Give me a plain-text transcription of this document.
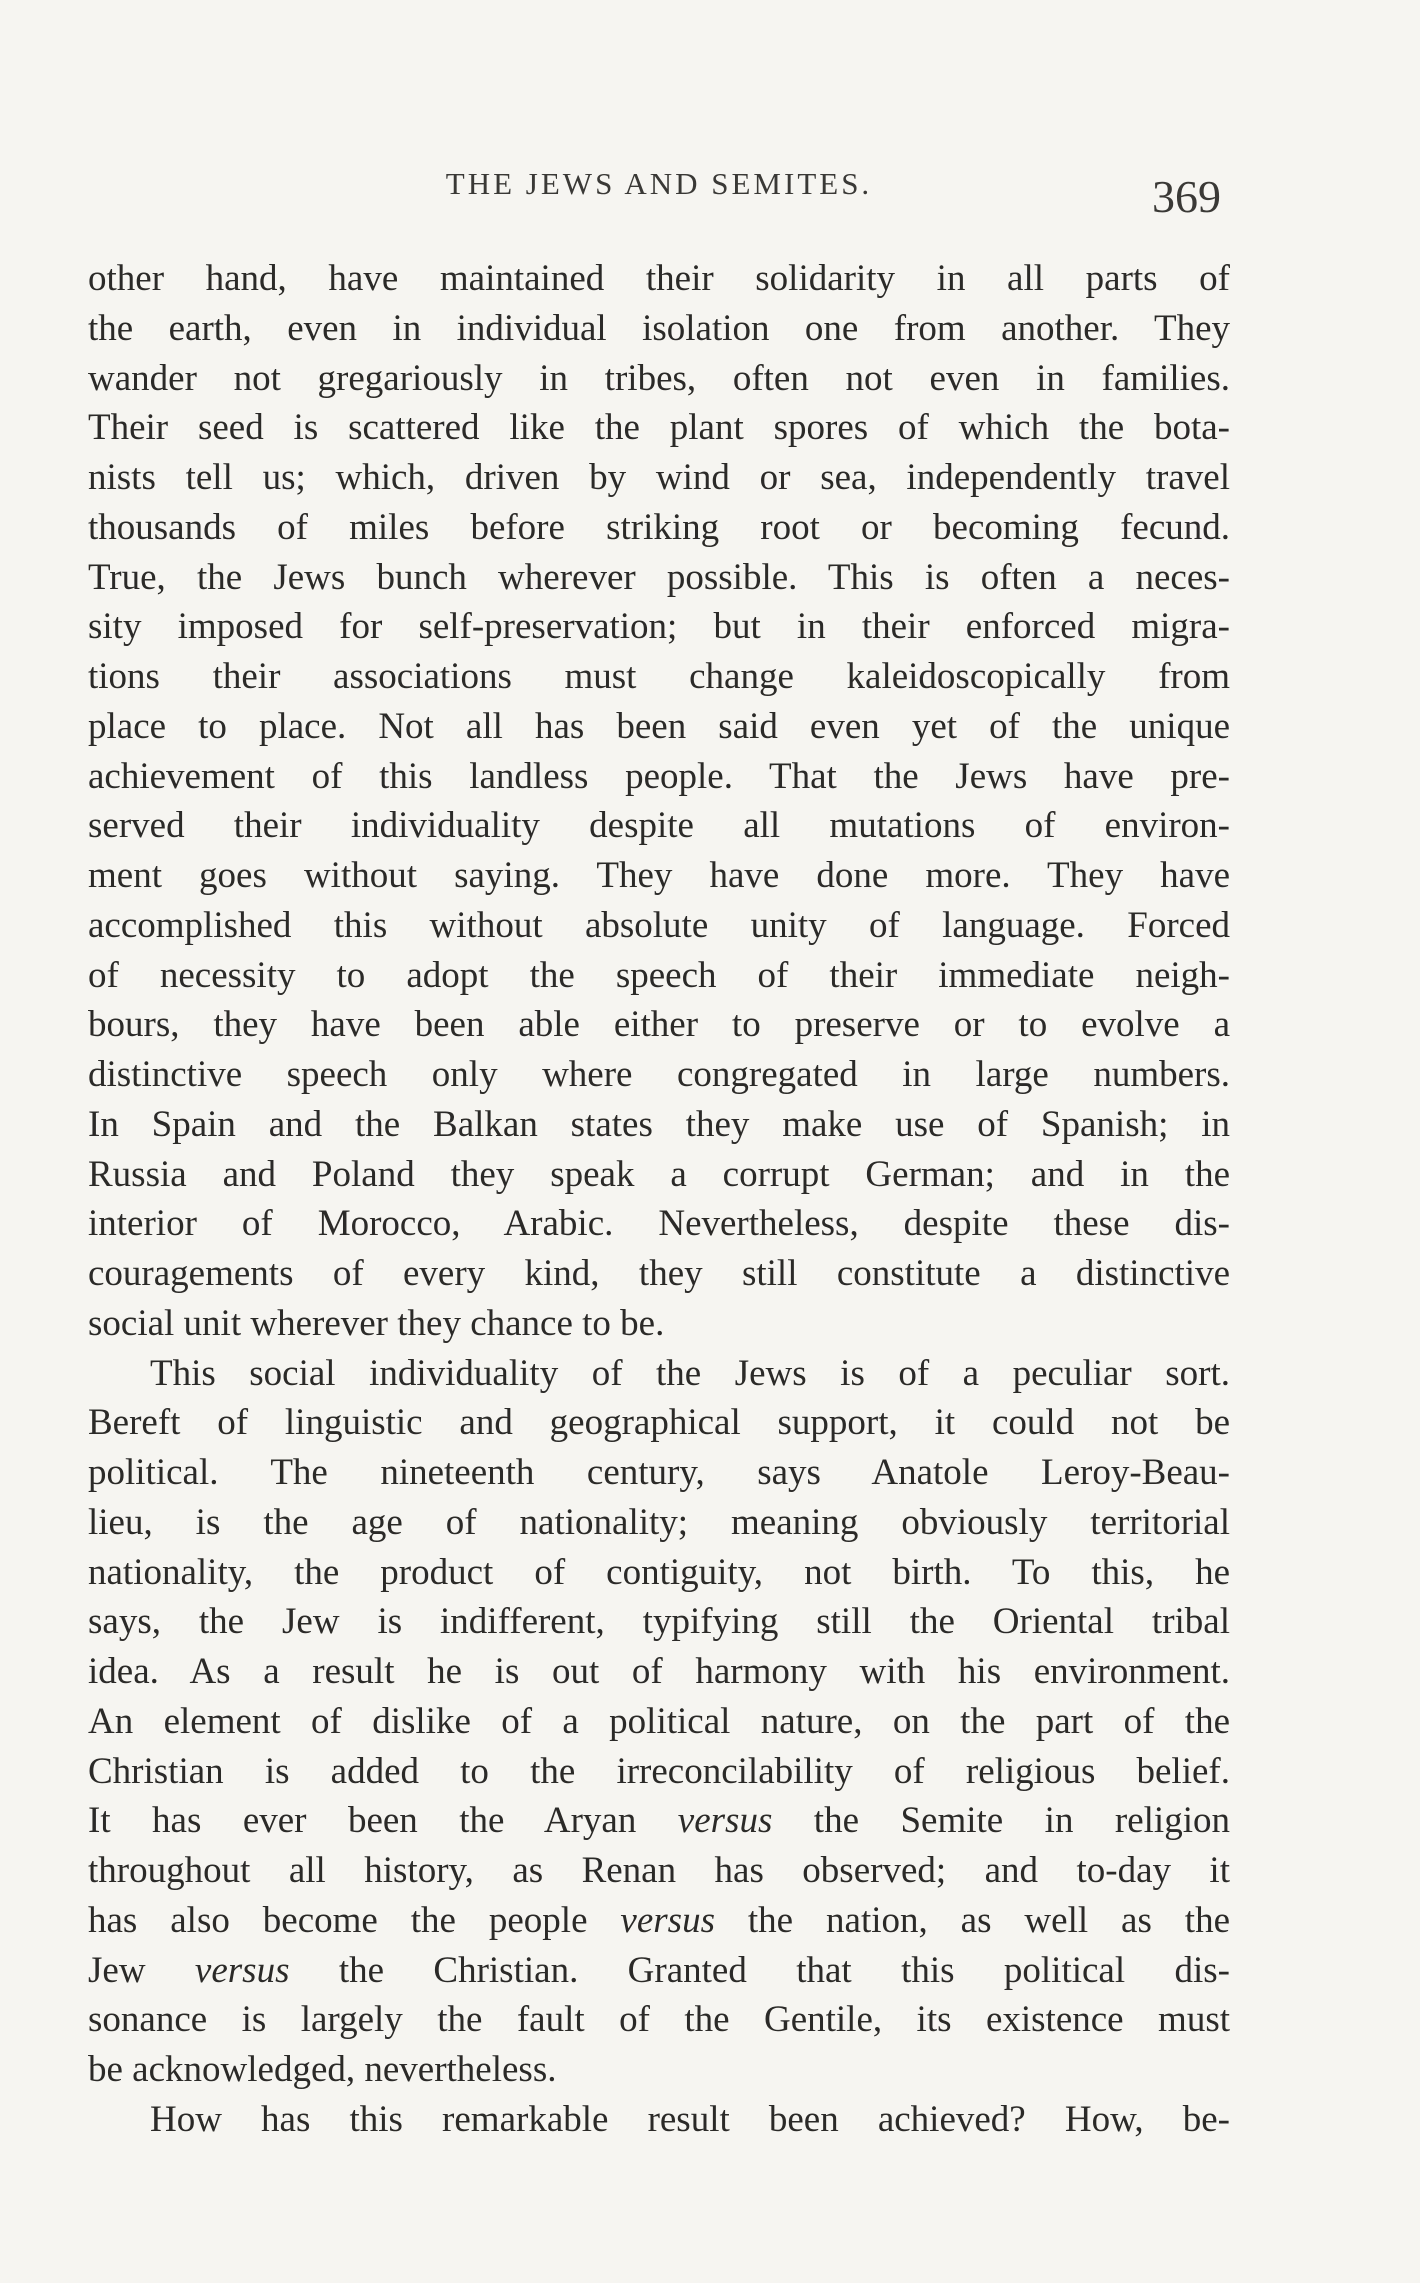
THE JEWS AND SEMITES.	369
other hand, have maintained their solidarity in all parts of
the earth, even in individual isolation one from another. They
wander not gregariously in tribes, often not even in families.
Their seed is scattered like the plant spores of which the bota-
nists tell us; which, driven by wind or sea, independently travel
thousands of miles before striking root or becoming fecund.
True, the Jews bunch wherever possible. This is often a neces-
sity imposed for self-preservation; but in their enforced migra-
tions their associations must change kaleidoscopically from
place to place. Not all has been said even yet of the unique
achievement of this landless people. That the Jews have pre-
served their individuality despite all mutations of environ-
ment goes without saying. They have done more. They have
accomplished this without absolute unity of language. Forced
of necessity to adopt the speech of their immediate neigh-
bours, they have been able either to preserve or to evolve a
distinctive speech only where congregated in large numbers.
In Spain and the Balkan states they make use of Spanish; in
Russia and Poland they speak a corrupt German; and in the
interior of Morocco, Arabic. Nevertheless, despite these dis-
couragements of every kind, they still constitute a distinctive
social unit wherever they chance to be.
This social individuality of the Jews is of a peculiar sort.
Bereft of linguistic and geographical support, it could not be
political. The nineteenth century, says Anatole Leroy-Beau-
lieu, is the age of nationality; meaning obviously territorial
nationality, the product of contiguity, not birth. To this, he
says, the Jew is indifferent, typifying still the Oriental tribal
idea. As a result he is out of harmony with his environment.
An element of dislike of a political nature, on the part of the
Christian is added to the irreconcilability of religious belief.
It has ever been the Aryan versus the Semite in religion
throughout all history, as Renan has observed; and to-day it
has also become the people versus the nation, as well as the
Jew versus the Christian. Granted that this political dis-
sonance is largely the fault of the Gentile, its existence must
be acknowledged, nevertheless.
How has this remarkable result been achieved? How, be-
